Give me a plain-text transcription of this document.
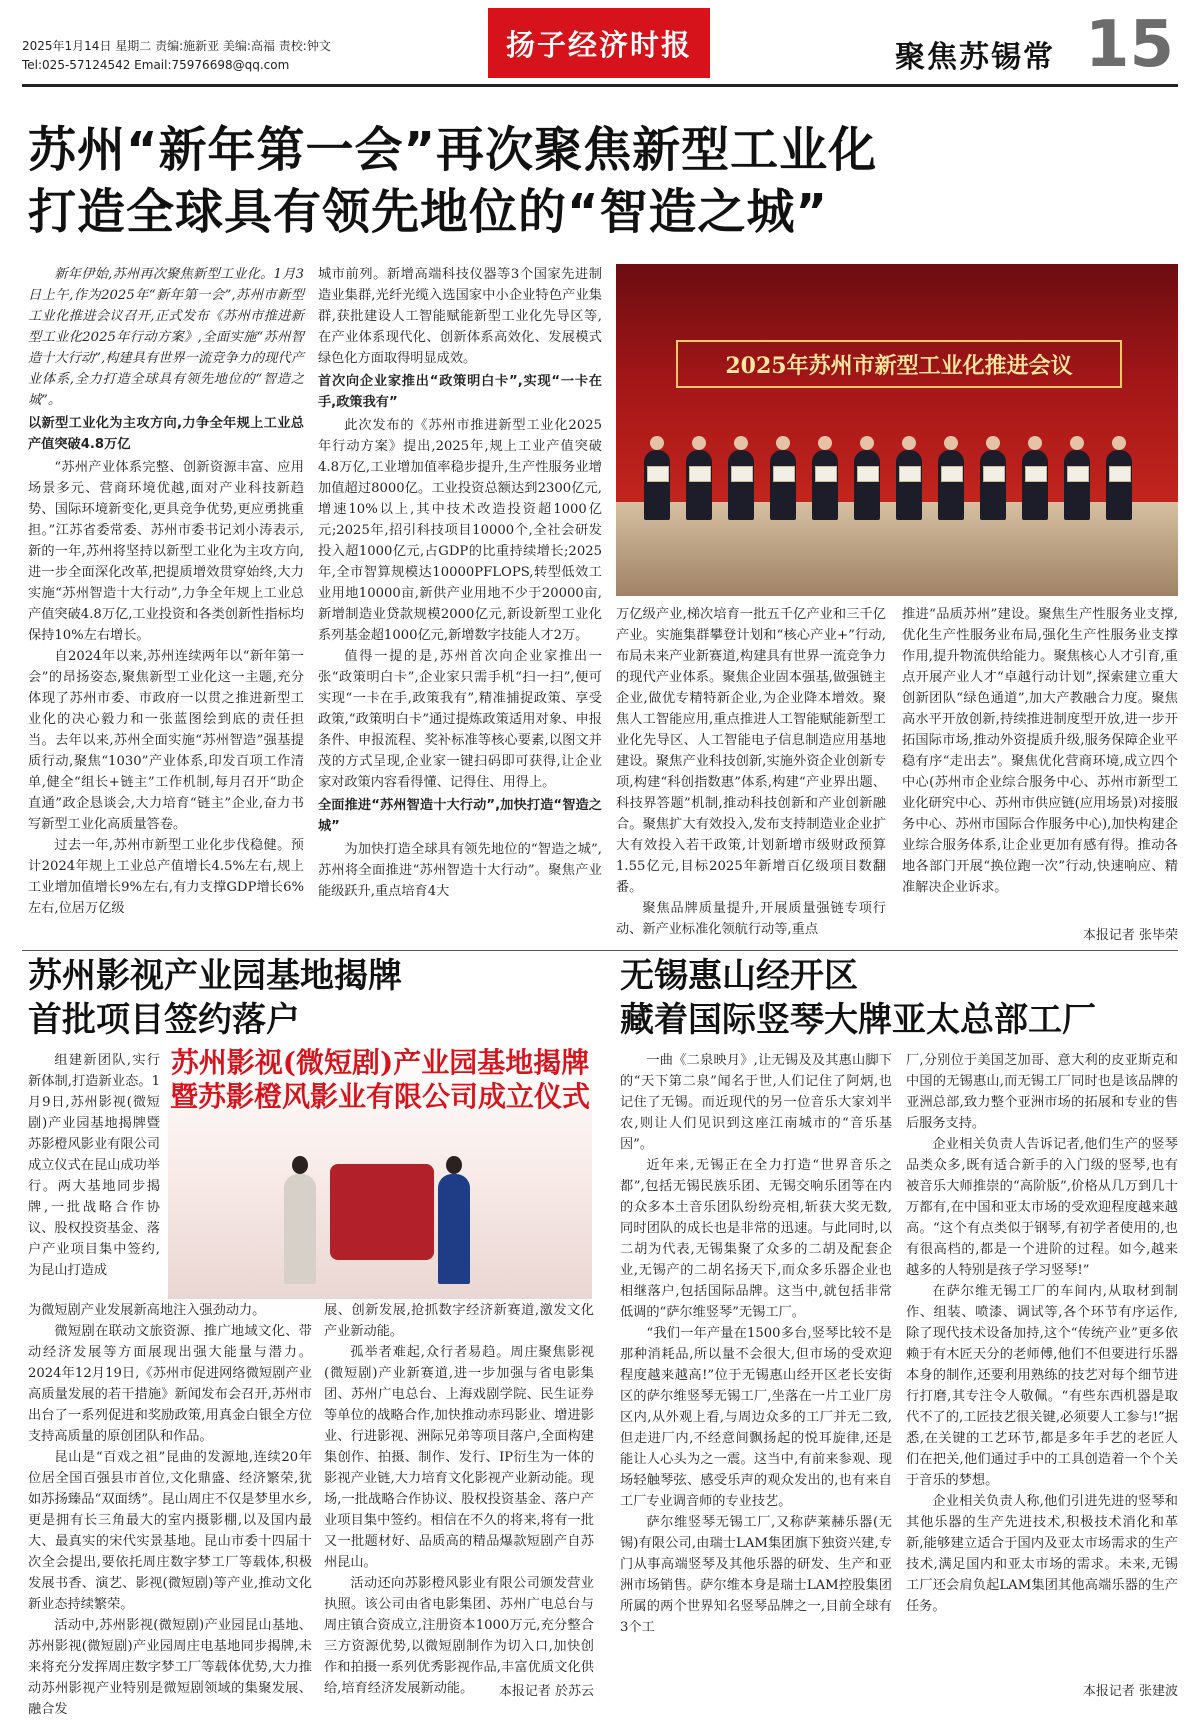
2025年1月14日 星期二 责编:施新亚 美编:高福 责校:钟文
Tel:025-57124542 Email:75976698@qq.com
扬子经济时报	聚焦苏锡常 15
苏州“新年第一会”再次聚焦新型工业化
打造全球具有领先地位的“智造之城”

新年伊始,苏州再次聚焦新型工业化。1月3日上午,作为2025年“新年第一会”,苏州市新型工业化推进会议召开,正式发布《苏州市推进新型工业化2025年行动方案》,全面实施“苏州智造十大行动”,构建具有世界一流竞争力的现代产业体系,全力打造全球具有领先地位的“智造之城”。

以新型工业化为主攻方向,力争全年规上工业总产值突破4.8万亿

“苏州产业体系完整、创新资源丰富、应用场景多元、营商环境优越,面对产业科技新趋势、国际环境新变化,更具竞争优势,更应勇挑重担。”江苏省委常委、苏州市委书记刘小涛表示,新的一年,苏州将坚持以新型工业化为主攻方向,进一步全面深化改革,把提质增效贯穿始终,大力实施“苏州智造十大行动”,力争全年规上工业总产值突破4.8万亿,工业投资和各类创新性指标均保持10%左右增长。

自2024年以来,苏州连续两年以“新年第一会”的昂扬姿态,聚焦新型工业化这一主题,充分体现了苏州市委、市政府一以贯之推进新型工业化的决心毅力和一张蓝图绘到底的责任担当。去年以来,苏州全面实施“苏州智造”强基提质行动,聚焦“1030”产业体系,印发百项工作清单,健全“组长+链主”工作机制,每月召开“助企直通”政企恳谈会,大力培育“链主”企业,奋力书写新型工业化高质量答卷。

过去一年,苏州市新型工业化步伐稳健。预计2024年规上工业总产值增长4.5%左右,规上工业增加值增长9%左右,有力支撑GDP增长6%左右,位居万亿级

城市前列。新增高端科技仪器等3个国家先进制造业集群,光纤光缆入选国家中小企业特色产业集群,获批建设人工智能赋能新型工业化先导区等,在产业体系现代化、创新体系高效化、发展模式绿色化方面取得明显成效。

首次向企业家推出“政策明白卡”,实现“一卡在手,政策我有”

此次发布的《苏州市推进新型工业化2025年行动方案》提出,2025年,规上工业产值突破4.8万亿,工业增加值率稳步提升,生产性服务业增加值超过8000亿。工业投资总额达到2300亿元,增速10%以上,其中技术改造投资超1000亿元;2025年,招引科技项目10000个,全社会研发投入超1000亿元,占GDP的比重持续增长;2025年,全市智算规模达10000PFLOPS,转型低效工业用地10000亩,新供产业用地不少于20000亩,新增制造业贷款规模2000亿元,新设新型工业化系列基金超1000亿元,新增数字技能人才2万。

值得一提的是,苏州首次向企业家推出一张“政策明白卡”,企业家只需手机“扫一扫”,便可实现“一卡在手,政策我有”,精准捕捉政策、享受政策,“政策明白卡”通过提炼政策适用对象、申报条件、申报流程、奖补标准等核心要素,以图文并茂的方式呈现,企业家一键扫码即可获得,让企业家对政策内容看得懂、记得住、用得上。

全面推进“苏州智造十大行动”,加快打造“智造之城”

为加快打造全球具有领先地位的“智造之城”,苏州将全面推进“苏州智造十大行动”。聚焦产业能级跃升,重点培育4大

2025年苏州市新型工业化推进会议

万亿级产业,梯次培育一批五千亿产业和三千亿产业。实施集群攀登计划和“核心产业+”行动,布局未来产业新赛道,构建具有世界一流竞争力的现代产业体系。聚焦企业固本强基,做强链主企业,做优专精特新企业,为企业降本增效。聚焦人工智能应用,重点推进人工智能赋能新型工业化先导区、人工智能电子信息制造应用基地建设。聚焦产业科技创新,实施外资企业创新专项,构建“科创指数惠”体系,构建“产业界出题、科技界答题”机制,推动科技创新和产业创新融合。聚焦扩大有效投入,发布支持制造业企业扩大有效投入若干政策,计划新增市级财政预算1.55亿元,目标2025年新增百亿级项目数翻番。

聚焦品牌质量提升,开展质量强链专项行动、新产业标准化领航行动等,重点

推进“品质苏州”建设。聚焦生产性服务业支撑,优化生产性服务业布局,强化生产性服务业支撑作用,提升物流供给能力。聚焦核心人才引育,重点开展产业人才“卓越行动计划”,探索建立重大创新团队“绿色通道”,加大产教融合力度。聚焦高水平开放创新,持续推进制度型开放,进一步开拓国际市场,推动外资提质升级,服务保障企业平稳有序“走出去”。聚焦优化营商环境,成立四个中心(苏州市企业综合服务中心、苏州市新型工业化研究中心、苏州市供应链(应用场景)对接服务中心、苏州市国际合作服务中心),加快构建企业综合服务体系,让企业更加有感有得。推动各地各部门开展“换位跑一次”行动,快速响应、精准解决企业诉求。

本报记者 张毕荣
苏州影视产业园基地揭牌
首批项目签约落户
苏州影视(微短剧)产业园基地揭牌
暨苏影橙风影业有限公司成立仪式

组建新团队,实行新体制,打造新业态。1月9日,苏州影视(微短剧)产业园基地揭牌暨苏影橙风影业有限公司成立仪式在昆山成功举行。两大基地同步揭牌,一批战略合作协议、股权投资基金、落户产业项目集中签约,为昆山打造成

为微短剧产业发展新高地注入强劲动力。

微短剧在联动文旅资源、推广地域文化、带动经济发展等方面展现出强大能量与潜力。2024年12月19日,《苏州市促进网络微短剧产业高质量发展的若干措施》新闻发布会召开,苏州市出台了一系列促进和奖励政策,用真金白银全方位支持高质量的原创团队和作品。

昆山是“百戏之祖”昆曲的发源地,连续20年位居全国百强县市首位,文化鼎盛、经济繁荣,犹如苏扬臻品“双面绣”。昆山周庄不仅是梦里水乡,更是拥有长三角最大的室内摄影棚,以及国内最大、最真实的宋代实景基地。昆山市委十四届十次全会提出,要依托周庄数字梦工厂等载体,积极发展书香、演艺、影视(微短剧)等产业,推动文化新业态持续繁荣。

活动中,苏州影视(微短剧)产业园昆山基地、苏州影视(微短剧)产业园周庄电基地同步揭牌,未来将充分发挥周庄数字梦工厂等载体优势,大力推动苏州影视产业特别是微短剧领域的集聚发展、融合发

展、创新发展,抢抓数字经济新赛道,激发文化产业新动能。

孤举者难起,众行者易趋。周庄聚焦影视(微短剧)产业新赛道,进一步加强与省电影集团、苏州广电总台、上海戏剧学院、民生证券等单位的战略合作,加快推动赤玛影业、增进影业、行进影视、洲际兄弟等项目落户,全面构建集创作、拍摄、制作、发行、IP衍生为一体的影视产业链,大力培育文化影视产业新动能。现场,一批战略合作协议、股权投资基金、落户产业项目集中签约。相信在不久的将来,将有一批又一批题材好、品质高的精品爆款短剧产自苏州昆山。

活动还向苏影橙风影业有限公司颁发营业执照。该公司由省电影集团、苏州广电总台与周庄镇合资成立,注册资本1000万元,充分整合三方资源优势,以微短剧制作为切入口,加快创作和拍摄一系列优秀影视作品,丰富优质文化供给,培育经济发展新动能。	本报记者 於苏云
无锡惠山经开区
藏着国际竖琴大牌亚太总部工厂

一曲《二泉映月》,让无锡及及其惠山脚下的“天下第二泉”闻名于世,人们记住了阿炳,也记住了无锡。而近现代的另一位音乐大家刘半农,则让人们见识到这座江南城市的“音乐基因”。

近年来,无锡正在全力打造“世界音乐之都”,包括无锡民族乐团、无锡交响乐团等在内的众多本土音乐团队纷纷亮相,斩获大奖无数,同时团队的成长也是非常的迅速。与此同时,以二胡为代表,无锡集聚了众多的二胡及配套企业,无锡产的二胡名扬天下,而众多乐器企业也相继落户,包括国际品牌。这当中,就包括非常低调的“萨尔维竖琴”无锡工厂。

“我们一年产量在1500多台,竖琴比较不是那种消耗品,所以量不会很大,但市场的受欢迎程度越来越高!”位于无锡惠山经开区老长安街区的萨尔维竖琴无锡工厂,坐落在一片工业厂房区内,从外观上看,与周边众多的工厂并无二致,但走进厂内,不经意间飘扬起的悦耳旋律,还是能让人心头为之一震。这当中,有前来参观、现场轻触琴弦、感受乐声的观众发出的,也有来自工厂专业调音师的专业技艺。

萨尔维竖琴无锡工厂,又称萨莱赫乐器(无锡)有限公司,由瑞士LAM集团旗下独资兴建,专门从事高端竖琴及其他乐器的研发、生产和亚洲市场销售。萨尔维本身是瑞士LAM控股集团所属的两个世界知名竖琴品牌之一,目前全球有3个工

厂,分别位于美国芝加哥、意大利的皮亚斯克和中国的无锡惠山,而无锡工厂同时也是该品牌的亚洲总部,致力整个亚洲市场的拓展和专业的售后服务支持。

企业相关负责人告诉记者,他们生产的竖琴品类众多,既有适合新手的入门级的竖琴,也有被音乐大师推崇的“高阶版”,价格从几万到几十万都有,在中国和亚太市场的受欢迎程度越来越高。“这个有点类似于钢琴,有初学者使用的,也有很高档的,都是一个进阶的过程。如今,越来越多的人特别是孩子学习竖琴!”

在萨尔维无锡工厂的车间内,从取材到制作、组装、喷漆、调试等,各个环节有序运作,除了现代技术设备加持,这个“传统产业”更多依赖于有木匠天分的老师傅,他们不但要进行乐器本身的制作,还要利用熟练的技艺对每个细节进行打磨,其专注令人敬佩。“有些东西机器是取代不了的,工匠技艺很关键,必须要人工参与!”据悉,在关键的工艺环节,都是多年手艺的老匠人们在把关,他们通过手中的工具创造着一个个关于音乐的梦想。

企业相关负责人称,他们引进先进的竖琴和其他乐器的生产先进技术,积极技术消化和革新,能够建立适合于国内及亚太市场需求的生产技术,满足国内和亚太市场的需求。未来,无锡工厂还会肩负起LAM集团其他高端乐器的生产任务。

本报记者 张建波
